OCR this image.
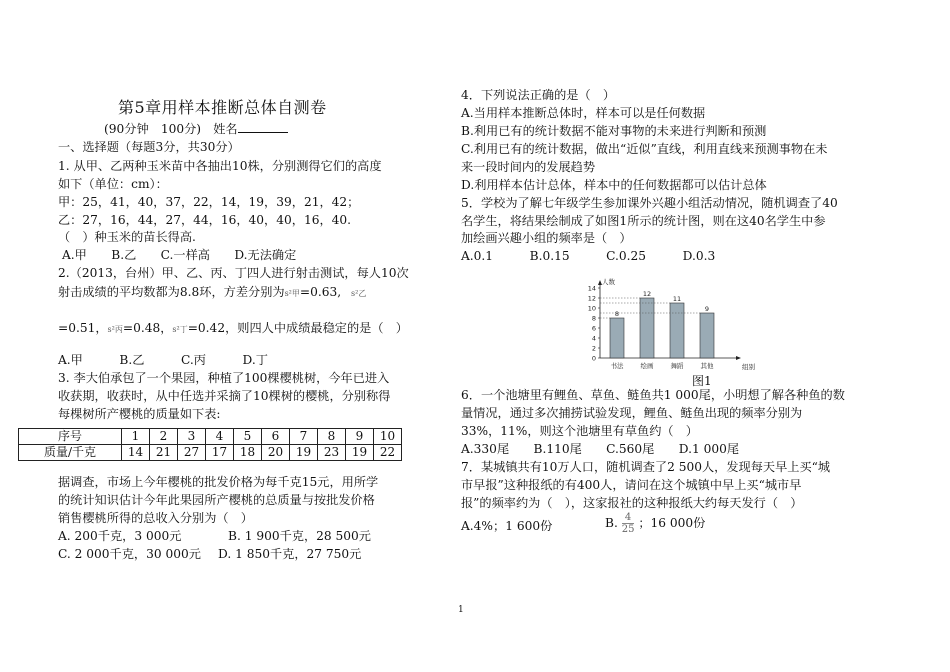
第5章用样本推断总体自测卷
(90分钟　100分)　姓名
一、选择题（每题3分，共30分）
1. 从甲、乙两种玉米苗中各抽出10株，分别测得它们的高度
如下（单位：cm）：
甲：25，41，40，37，22，14，19，39，21，42；
乙：27，16，44，27，44，16，40，40，16，40.
（　）种玉米的苗长得高.
A.甲　　B.乙　　C.一样高　　D.无法确定
2.（2013，台州）甲、乙、丙、丁四人进行射击测试，每人10次
射击成绩的平均数都为8.8环，方差分别为s²甲=0.63, s²乙
=0.51，s²丙=0.48，s²丁=0.42，则四人中成绩最稳定的是（　）
A.甲　　　B.乙　　　C.丙　　　D.丁
3. 李大伯承包了一个果园，种植了100棵樱桃树，今年已进入
收获期，收获时，从中任选并采摘了10棵树的樱桃，分别称得
每棵树所产樱桃的质量如下表:
序号	1	2	3	4	5	6	7	8	9	10
质量/千克	14	21	27	17	18	20	19	23	19	22
据调查，市场上今年樱桃的批发价格为每千克15元，用所学
的统计知识估计今年此果园所产樱桃的总质量与按批发价格
销售樱桃所得的总收入分别为（　）
A. 200千克，3 000元	B. 1 900千克，28 500元
C. 2 000千克，30 000元 D. 1 850千克，27 750元
4．下列说法正确的是（　）
A.当用样本推断总体时，样本可以是任何数据
B.利用已有的统计数据不能对事物的未来进行判断和预测
C.利用已有的统计数据，做出“近似”直线，利用直线来预测事物在未
来一段时间内的发展趋势
D.利用样本估计总体，样本中的任何数据都可以估计总体
5．学校为了解七年级学生参加课外兴趣小组活动情况，随机调查了40
名学生，将结果绘制成了如图1所示的统计图，则在这40名学生中参
加绘画兴趣小组的频率是（　）
A.0.1　　　B.0.15　　　C.0.25　　　D.0.3
6．一个池塘里有鲤鱼、草鱼、鲢鱼共1 000尾，小明想了解各种鱼的数
量情况，通过多次捕捞试验发现，鲤鱼、鲢鱼出现的频率分别为
33%，11%，则这个池塘里有草鱼约（　）
A.330尾　　B.110尾　　C.560尾　　D.1 000尾
7．某城镇共有10万人口，随机调查了2 500人，发现每天早上买“城
市早报”这种报纸的有400人，请问在这个城镇中早上买“城市早
报”的频率约为（　），这家报社的这种报纸大约每天发行（　）
A.4%；1 600份	B. $\frac{4}{25}$ ；16 000份
0
2
4
6
8
10
12
14
人数
组别
8
书法
12
绘画
11
舞蹈
9
其他
图1
1
